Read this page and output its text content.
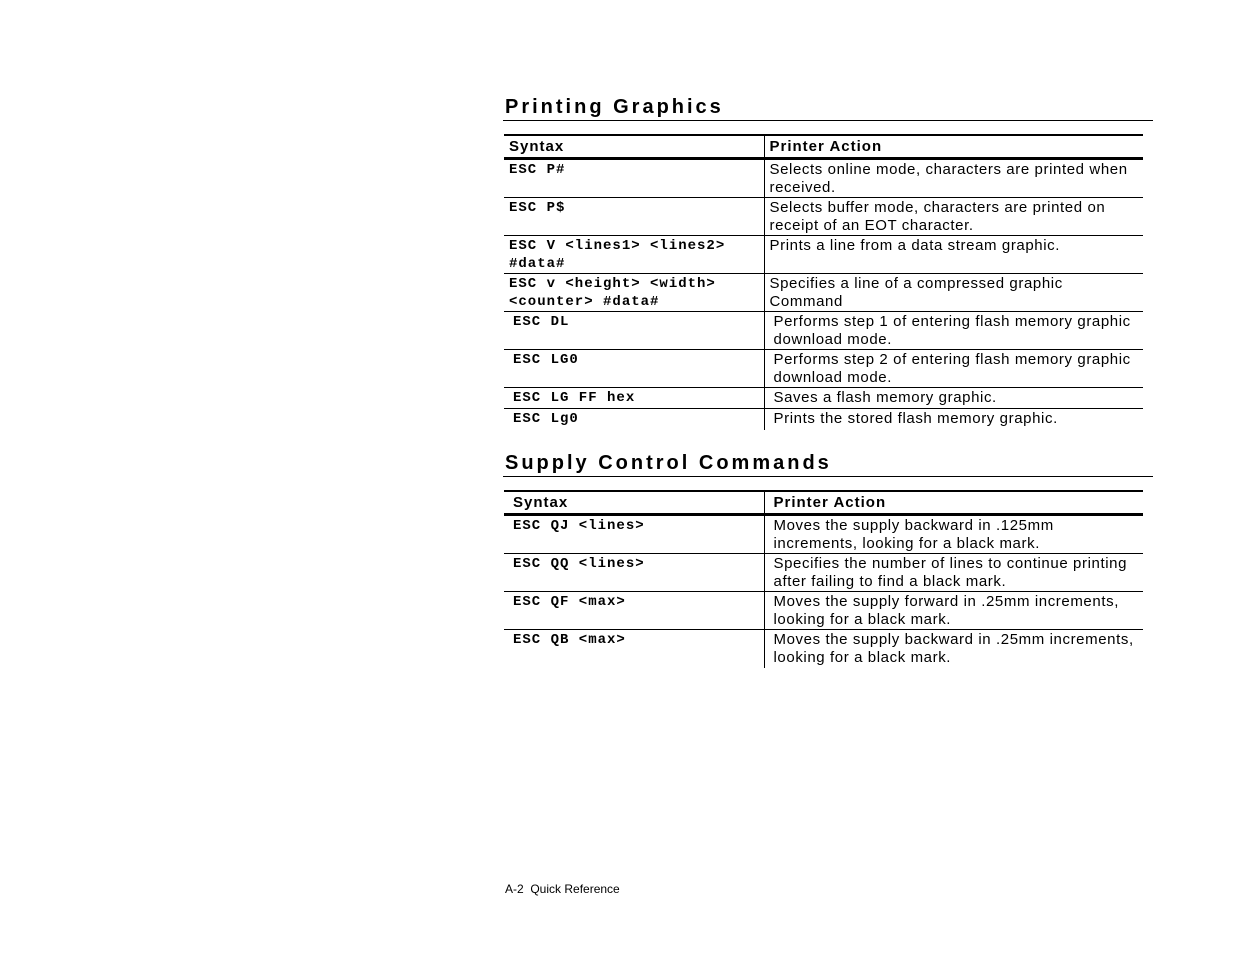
Printing Graphics
Syntax	Printer Action
ESC P#	Selects online mode, characters are printed when received.
ESC P$	Selects buffer mode, characters are printed on receipt of an EOT character.
ESC V <lines1> <lines2> #data#	Prints a line from a data stream graphic.
ESC v <height> <width> <counter> #data#	Specifies a line of a compressed graphic Command
ESC DL	Performs step 1 of entering flash memory graphic download mode.
ESC LG0	Performs step 2 of entering flash memory graphic download mode.
ESC LG FF hex	Saves a flash memory graphic.
ESC Lg0	Prints the stored flash memory graphic.
Supply Control Commands
Syntax	Printer Action
ESC QJ <lines>	Moves the supply backward in .125mm increments, looking for a black mark.
ESC QQ <lines>	Specifies the number of lines to continue printing after failing to find a black mark.
ESC QF <max>	Moves the supply forward in .25mm increments, looking for a black mark.
ESC QB <max>	Moves the supply backward in .25mm increments, looking for a black mark.
A-2  Quick Reference
